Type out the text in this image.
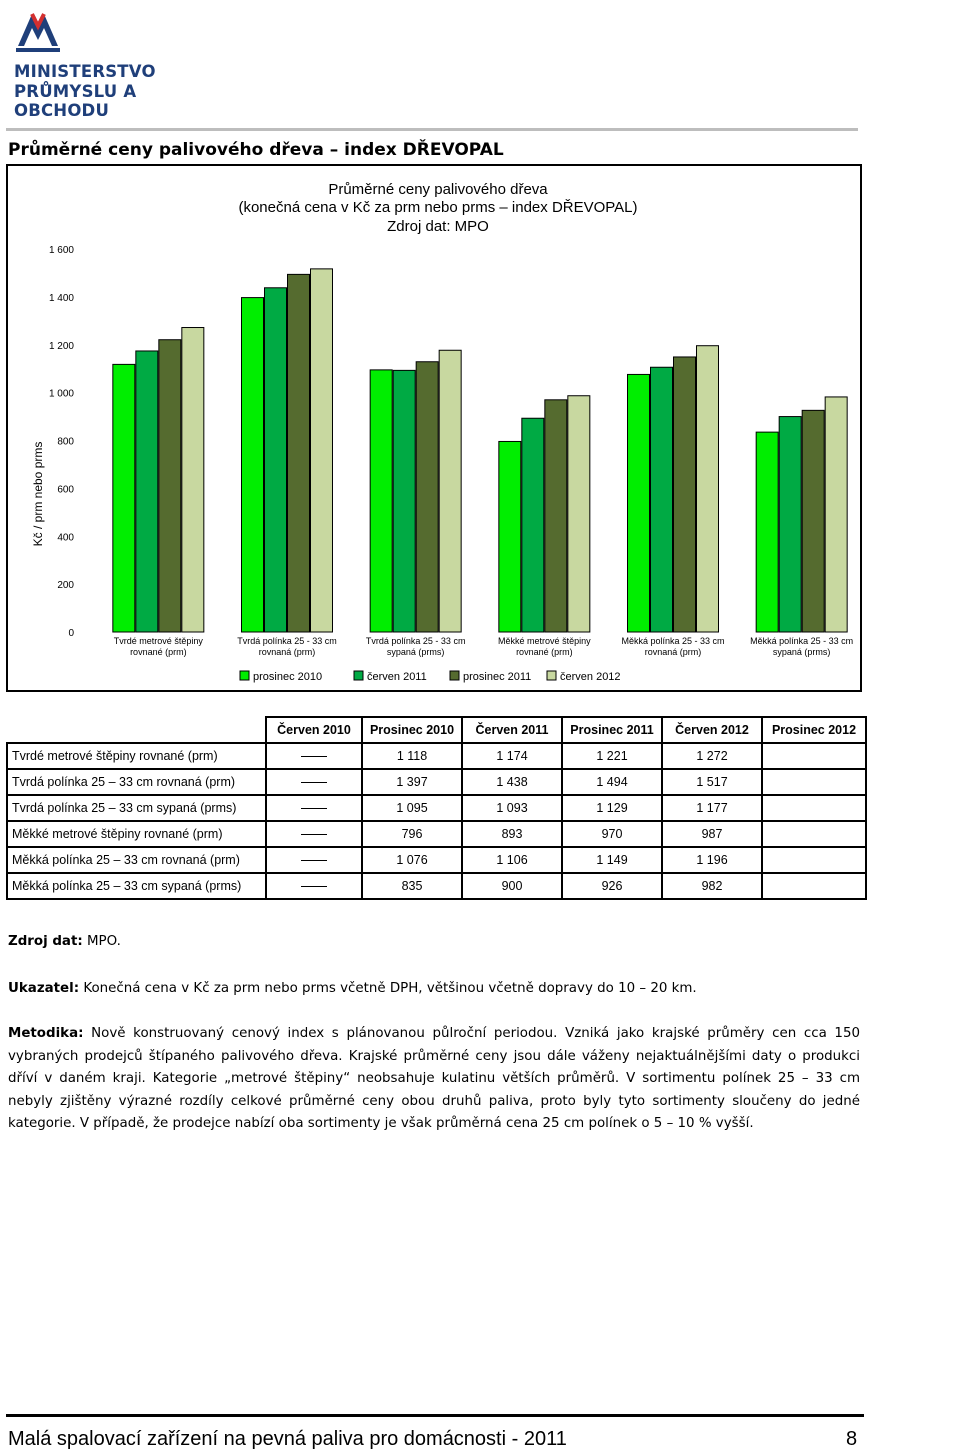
MINISTERSTVO
PRŮMYSLU A OBCHODU
Průměrné ceny palivového dřeva – index DŘEVOPAL
Průměrné ceny palivového dřeva
(konečná cena v Kč za prm nebo prms – index DŘEVOPAL)
Zdroj dat: MPO
Kč / prm nebo prms
0
200
400
600
800
1 000
1 200
1 400
1 600
Tvrdé metrové štěpiny
rovnané (prm)
Tvrdá polínka 25 - 33 cm
rovnaná (prm)
Tvrdá polínka 25 - 33 cm
sypaná (prms)
Měkké metrové štěpiny
rovnané (prm)
Měkká polínka 25 - 33 cm
rovnaná (prm)
Měkká polínka 25 - 33 cm
sypaná (prms)
prosinec 2010	červen 2011	prosinec 2011	červen 2012
	Červen 2010	Prosinec 2010	Červen 2011	Prosinec 2011	Červen 2012	Prosinec 2012
Tvrdé metrové štěpiny rovnané (prm)		1 118	1 174	1 221	1 272	
Tvrdá polínka 25 – 33 cm rovnaná (prm)		1 397	1 438	1 494	1 517	
Tvrdá polínka 25 – 33 cm sypaná (prms)		1 095	1 093	1 129	1 177	
Měkké metrové štěpiny rovnané (prm)		796	893	970	987	
Měkká polínka 25 – 33 cm rovnaná (prm)		1 076	1 106	1 149	1 196	
Měkká polínka 25 – 33 cm sypaná (prms)		835	900	926	982	
Zdroj dat: MPO.
Ukazatel: Konečná cena v Kč za prm nebo prms včetně DPH, většinou včetně dopravy do 10 – 20 km.
Metodika: Nově konstruovaný cenový index s plánovanou půlroční periodou. Vzniká jako krajské průměry cen cca 150 vybraných prodejců štípaného palivového dřeva. Krajské průměrné ceny jsou dále váženy nejaktuálnějšími daty o produkci dříví v daném kraji. Kategorie „metrové štěpiny“ neobsahuje kulatinu větších průměrů. V sortimentu polínek 25 – 33 cm nebyly zjištěny výrazné rozdíly celkové průměrné ceny obou druhů paliva, proto byly tyto sortimenty sloučeny do jedné kategorie. V případě, že prodejce nabízí oba sortimenty je však průměrná cena 25 cm polínek o 5 – 10 % vyšší.
Malá spalovací zařízení na pevná paliva pro domácnosti - 2011	8
